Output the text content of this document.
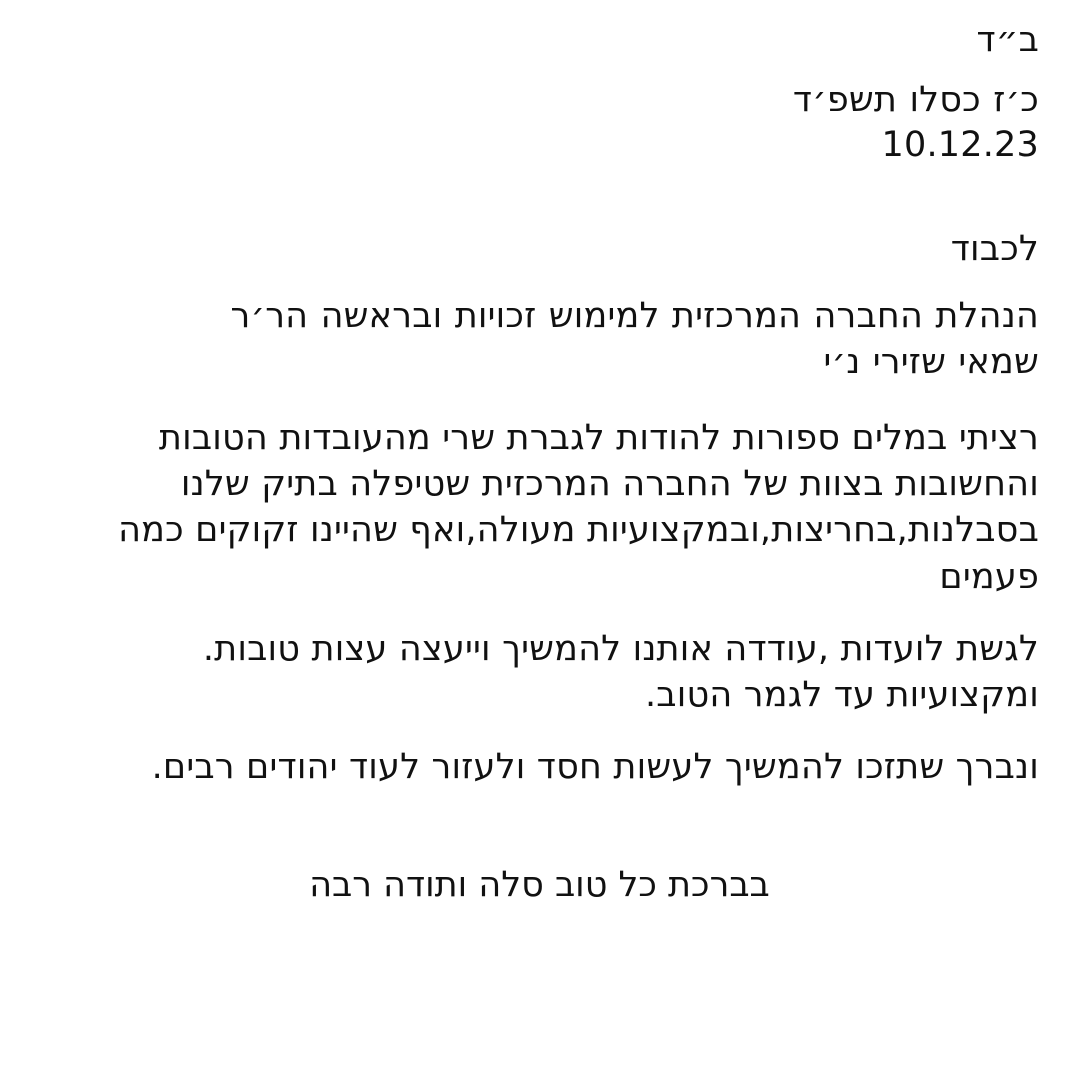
ב״ד
כ׳ז כסלו תשפ׳ד
10.12.23
לכבוד
הנהלת החברה המרכזית למימוש זכויות ובראשה הר׳ר
שמאי שזירי נ׳י
רציתי במלים ספורות להודות לגברת שרי מהעובדות הטובות והחשובות בצוות של החברה המרכזית שטיפלה בתיק שלנו בסבלנות,בחריצות,ובמקצועיות מעולה,ואף שהיינו זקוקים כמה פעמים
לגשת לועדות ,עודדה אותנו להמשיך וייעצה עצות טובות. ומקצועיות עד לגמר הטוב.
ונברך שתזכו להמשיך לעשות חסד ולעזור לעוד יהודים רבים.
בברכת כל טוב סלה ותודה רבה
